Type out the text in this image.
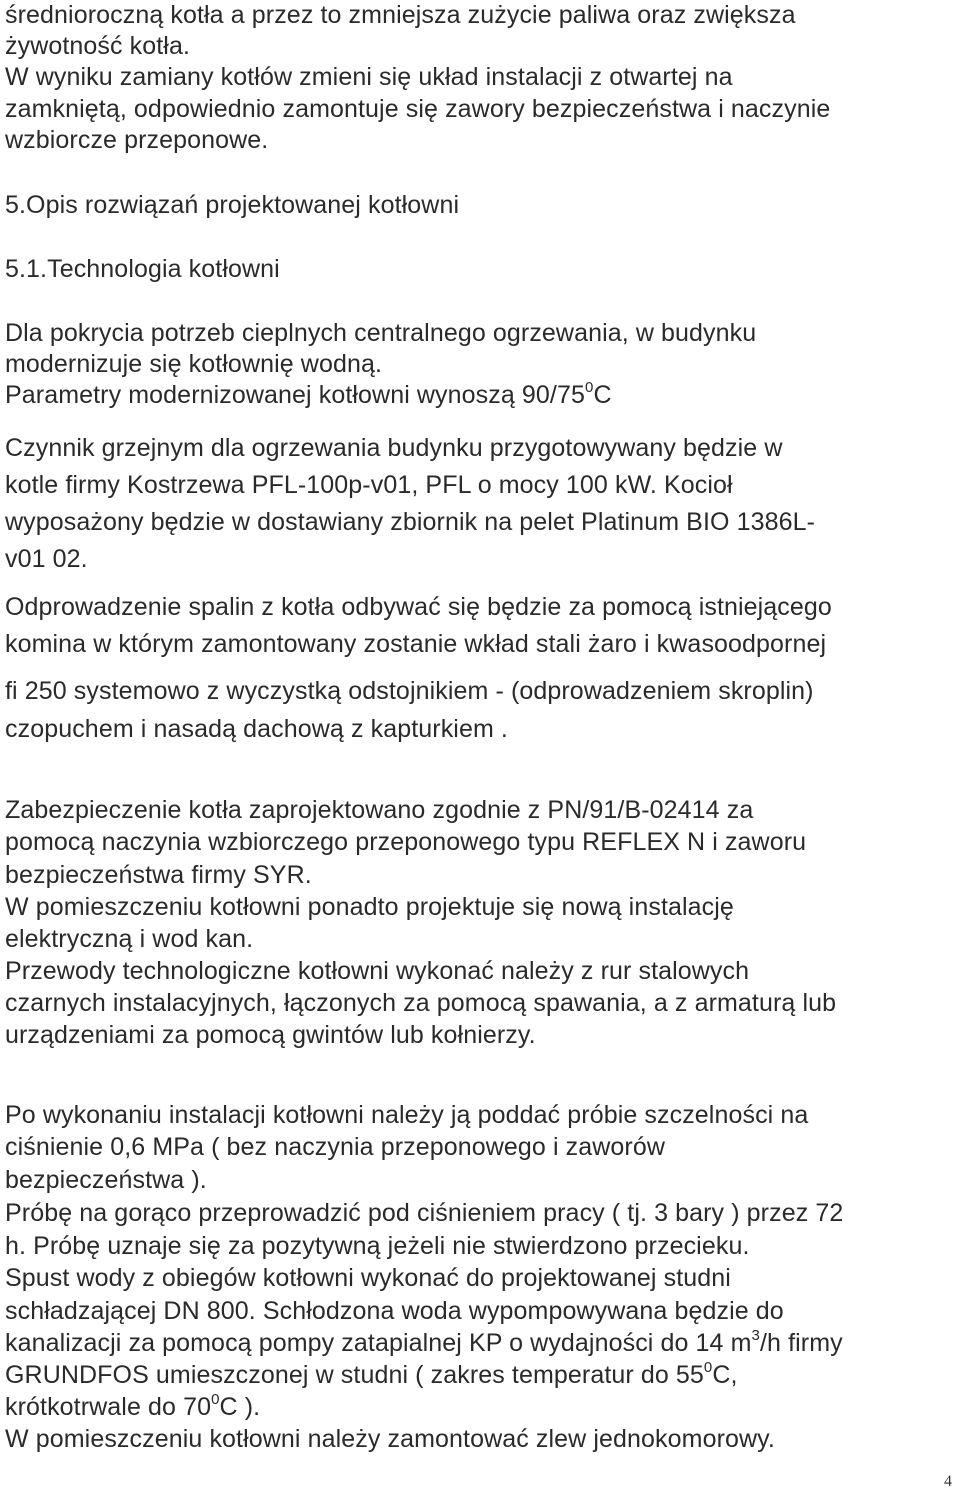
średnioroczną kotła a przez to zmniejsza zużycie paliwa oraz zwiększa
żywotność kotła.
W wyniku zamiany kotłów zmieni się układ instalacji z otwartej na
zamkniętą, odpowiednio zamontuje się zawory bezpieczeństwa i naczynie
wzbiorcze przeponowe.
5.Opis rozwiązań projektowanej kotłowni
5.1.Technologia kotłowni
Dla pokrycia potrzeb cieplnych centralnego ogrzewania, w budynku
modernizuje się kotłownię wodną.
Parametry modernizowanej kotłowni wynoszą $90/75^0C$
Czynnik grzejnym dla ogrzewania budynku przygotowywany będzie w
kotle firmy Kostrzewa PFL-100p-v01, PFL o mocy 100 kW. Kocioł
wyposażony będzie w dostawiany zbiornik na pelet Platinum BIO 1386L-
v01 02.
Odprowadzenie spalin z kotła odbywać się będzie za pomocą istniejącego
komina w którym zamontowany zostanie wkład stali żaro i kwasoodpornej
fi 250 systemowo z wyczystką odstojnikiem - (odprowadzeniem skroplin)
czopuchem i nasadą dachową z kapturkiem .
Zabezpieczenie kotła zaprojektowano zgodnie z PN/91/B-02414 za
pomocą naczynia wzbiorczego przeponowego typu REFLEX N i zaworu
bezpieczeństwa firmy SYR.
W pomieszczeniu kotłowni ponadto projektuje się nową instalację
elektryczną i wod kan.
Przewody technologiczne kotłowni wykonać należy z rur stalowych
czarnych instalacyjnych, łączonych za pomocą spawania, a z armaturą lub
urządzeniami za pomocą gwintów lub kołnierzy.
Po wykonaniu instalacji kotłowni należy ją poddać próbie szczelności na
ciśnienie 0,6 MPa ( bez naczynia przeponowego i zaworów
bezpieczeństwa ).
Próbę na gorąco przeprowadzić pod ciśnieniem pracy ( tj. 3 bary ) przez 72
h. Próbę uznaje się za pozytywną jeżeli nie stwierdzono przecieku.
Spust wody z obiegów kotłowni wykonać do projektowanej studni
schładzającej DN 800. Schłodzona woda wypompowywana będzie do
kanalizacji za pomocą pompy zatapialnej KP o wydajności do 14 $m^3/h$ firmy
GRUNDFOS umieszczonej w studni ( zakres temperatur do $55^0C$,
krótkotrwale do $70^0C$ ).
W pomieszczeniu kotłowni należy zamontować zlew jednokomorowy.
4
